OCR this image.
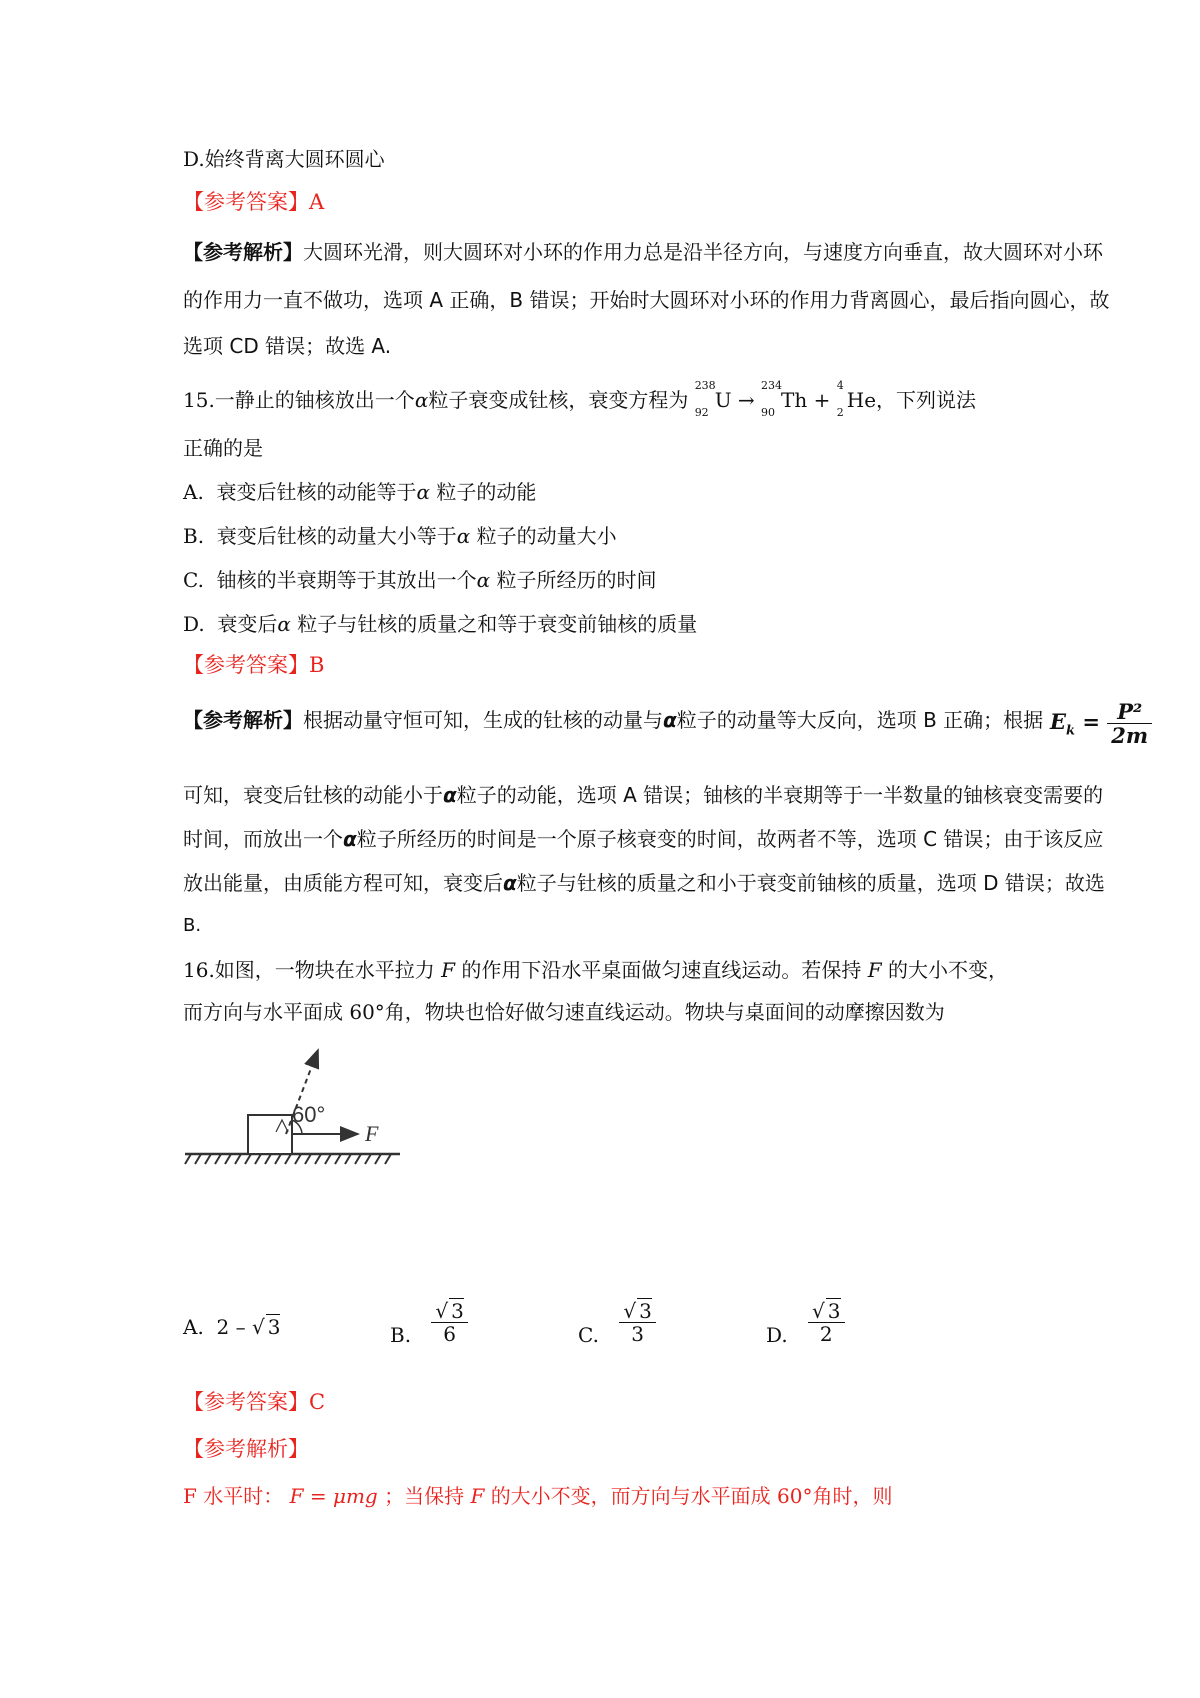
D.始终背离大圆环圆心
【参考答案】A
【参考解析】大圆环光滑，则大圆环对小环的作用力总是沿半径方向，与速度方向垂直，故大圆环对小环
的作用力一直不做功，选项 A 正确，B 错误；开始时大圆环对小环的作用力背离圆心，最后指向圆心，故
选项 CD 错误；故选 A.
15.一静止的铀核放出一个α粒子衰变成钍核，衰变方程为
238
92
U →
234
90
Th +
4
2
He，下列说法
正确的是
A. 衰变后钍核的动能等于α 粒子的动能
B. 衰变后钍核的动量大小等于α 粒子的动量大小
C. 铀核的半衰期等于其放出一个α 粒子所经历的时间
D. 衰变后α 粒子与钍核的质量之和等于衰变前铀核的质量
【参考答案】B
【参考解析】根据动量守恒可知，生成的钍核的动量与α粒子的动量等大反向，选项 B 正确；根据 $E_k = \frac{\text{P²}}{2m}$
可知，衰变后钍核的动能小于α粒子的动能，选项 A 错误；铀核的半衰期等于一半数量的铀核衰变需要的
时间，而放出一个α粒子所经历的时间是一个原子核衰变的时间，故两者不等，选项 C 错误；由于该反应
放出能量，由质能方程可知，衰变后α粒子与钍核的质量之和小于衰变前铀核的质量，选项 D 错误；故选
B.
16.如图，一物块在水平拉力 F 的作用下沿水平桌面做匀速直线运动。若保持 F 的大小不变，
而方向与水平面成 60°角，物块也恰好做匀速直线运动。物块与桌面间的动摩擦因数为
60°
F
A. 2 – √ 3	B. $\frac{√ 3}{6}$	C. $\frac{√ 3}{3}$	D. $\frac{√ 3}{2}$
【参考答案】C
【参考解析】
F 水平时： F = μmg ；当保持 F 的大小不变，而方向与水平面成 60°角时，则
